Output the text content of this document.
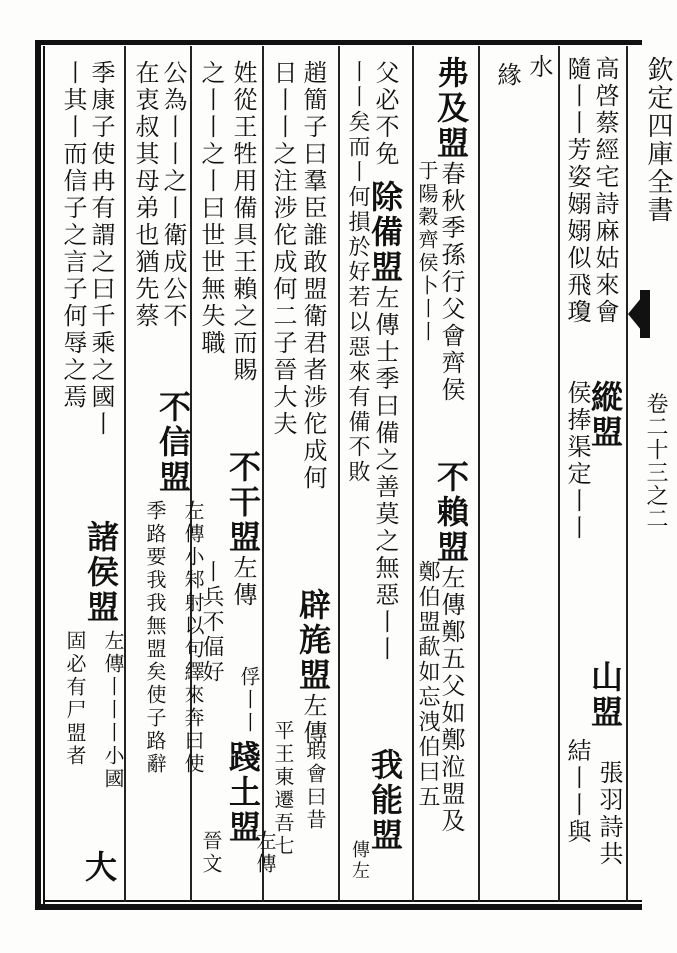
欽定四庫全書
卷二十三之二
高啓蔡經宅詩麻姑來會
隨丨丨芳姿嫋嫋似飛瓊
縱盟
侯捧渠定丨丨
山盟
結丨丨與 張羽詩共
水
緣
弗及盟春秋季孫行父會齊侯
于陽穀齊侯卜丨丨
不賴盟左傳鄭五父如鄭涖盟及
鄭伯盟歃如忘洩伯曰五
父必不免
除備盟左傳士季曰備之善莫之無惡丨丨
丨丨矣而丨何損於好若以惡來有備不敗
我能盟
傳左
趙簡子曰羣臣誰敢盟衛君者涉佗成何
辟旄盟左傳
日丨丨之注涉佗成何二子晉大夫
平王東遷吾七 瑕會曰昔
姓從王牲用備具王賴之而賜
不干盟左傳
之丨丨之丨曰世世無失職
丨兵不偪好
俘丨丨
踐土盟
左傳
晉文
公為丨丨之丨衛成公不
不信盟
在衷叔其母弟也猶先蔡
左傳小邾射以句繹來奔曰使
季路要我我無盟矣使子路辭
季康子使冉有謂之曰千乘之國丨
丨其丨而信子之言子何辱之焉
諸侯盟
左傳丨丨丨小國
固必有尸盟者
大
